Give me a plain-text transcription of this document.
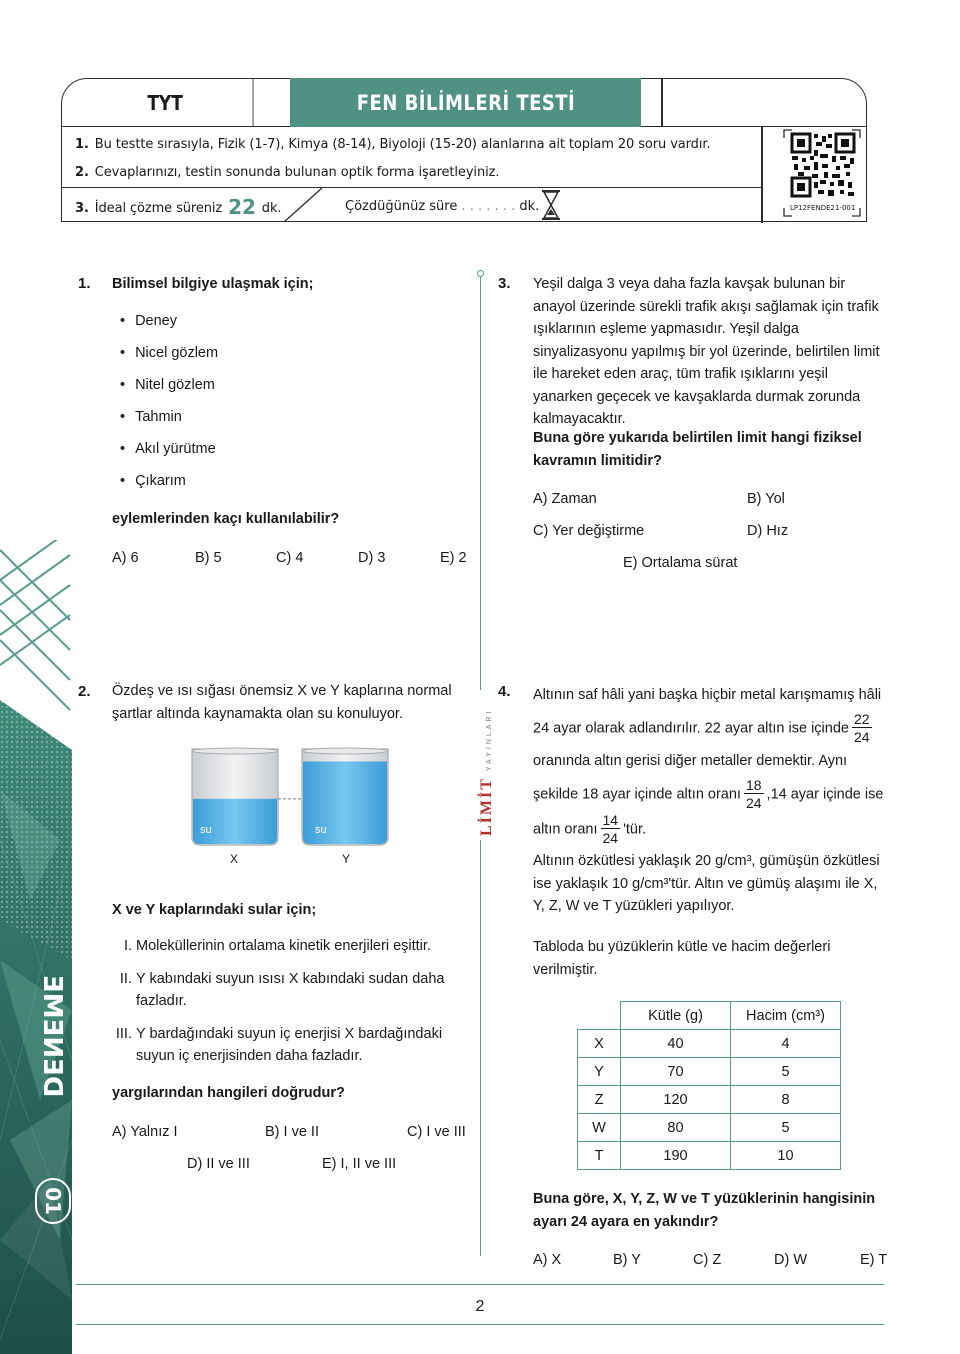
TYT	FEN BİLİMLERİ TESTİ
1. Bu testte sırasıyla, Fizik (1-7), Kimya (8-14), Biyoloji (15-20) alanlarına ait toplam 20 soru vardır.
2. Cevaplarınızı, testin sonunda bulunan optik forma işaretleyiniz.
3. İdeal çözme süreniz 22 dk.	Çözdüğünüz süre . . . . . . . dk.	LP12FENDE21-001
DENEME
01
LİMİTYAYINLARI
1. Bilimsel bilgiye ulaşmak için;
• Deney
• Nicel gözlem
• Nitel gözlem
• Tahmin
• Akıl yürütme
• Çıkarım
eylemlerinden kaçı kullanılabilir?
A) 6	B) 5	C) 4	D) 3	E) 2
2. Özdeş ve ısı sığası önemsiz X ve Y kaplarına normal şartlar altında kaynamakta olan su konuluyor.
su	su
X	Y
X ve Y kaplarındaki sular için;
I. Moleküllerinin ortalama kinetik enerjileri eşittir.
II. Y kabındaki suyun ısısı X kabındaki sudan daha fazladır.
III. Y bardağındaki suyun iç enerjisi X bardağındaki suyun iç enerjisinden daha fazladır.
yargılarından hangileri doğrudur?
A) Yalnız I	B) I ve II	C) I ve III
D) II ve III	E) I, II ve III
3. Yeşil dalga 3 veya daha fazla kavşak bulunan bir anayol üzerinde sürekli trafik akışı sağlamak için trafik ışıklarının eşleme yapmasıdır. Yeşil dalga sinyalizasyonu yapılmış bir yol üzerinde, belirtilen limit ile hareket eden araç, tüm trafik ışıklarını yeşil yanarken geçecek ve kavşaklarda durmak zorunda kalmayacaktır.
Buna göre yukarıda belirtilen limit hangi fiziksel kavramın limitidir?
A) Zaman	B) Yol
C) Yer değiştirme	D) Hız
E) Ortalama sürat
4. Altının saf hâli yani başka hiçbir metal karışmamış hâli 24 ayar olarak adlandırılır. 22 ayar altın ise içinde $\frac{22}{24}$
oranında altın gerisi diğer metaller demektir. Aynı şekilde 18 ayar içinde altın oranı $\frac{18}{24} ,14$ ayar içinde ise altın oranı $\frac{14}{24}$ 'tür.
Altının özkütlesi yaklaşık 20 g/cm³, gümüşün özkütlesi ise yaklaşık 10 g/cm³'tür. Altın ve gümüş alaşımı ile X, Y, Z, W ve T yüzükleri yapılıyor.
Tabloda bu yüzüklerin kütle ve hacim değerleri verilmiştir.
	Kütle (g)	Hacim (cm³)
X	40	4
Y	70	5
Z	120	8
W	80	5
T	190	10
Buna göre, X, Y, Z, W ve T yüzüklerinin hangisinin ayarı 24 ayara en yakındır?
A) X	B) Y	C) Z	D) W	E) T
2
